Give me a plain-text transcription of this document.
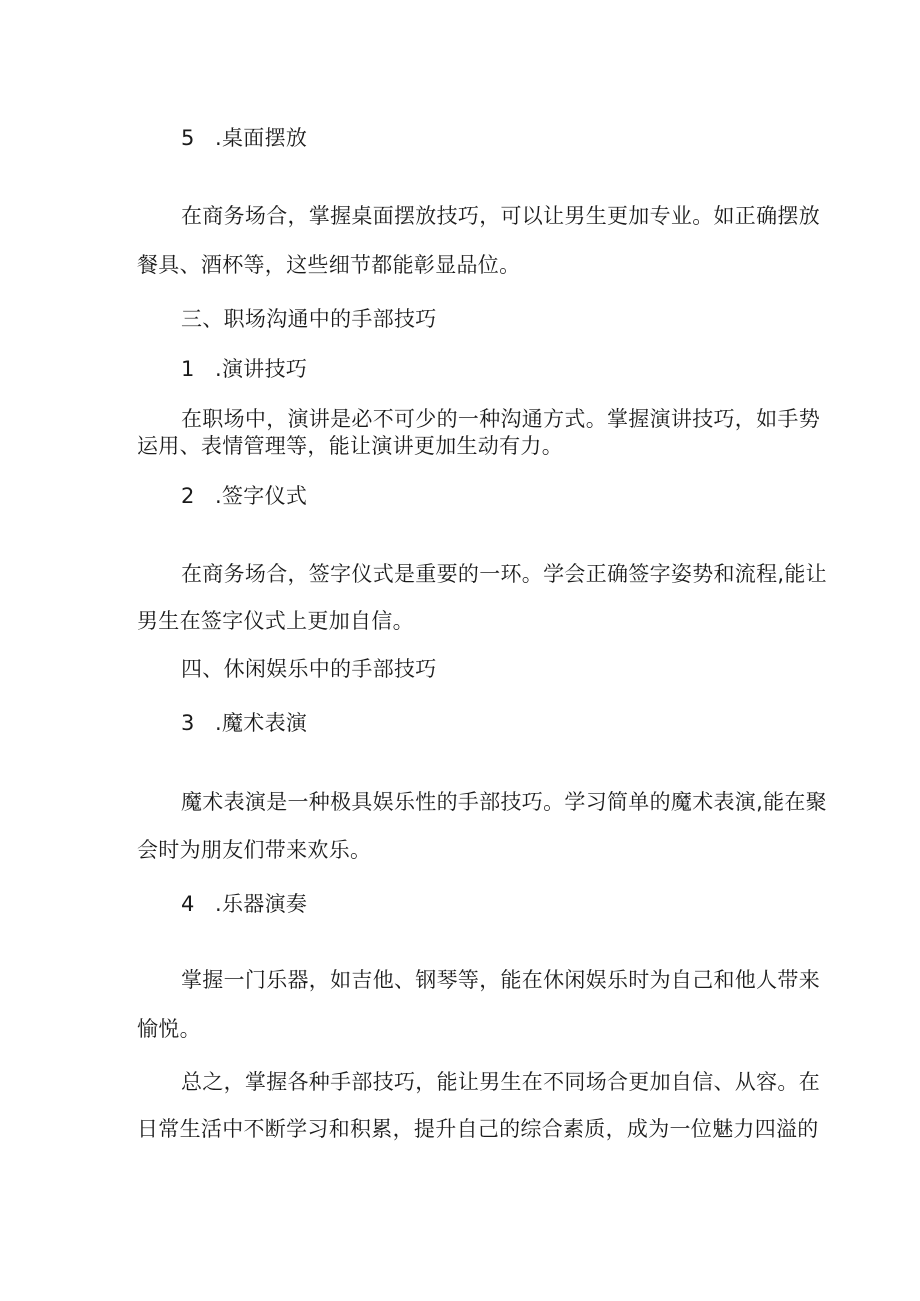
5 .桌面摆放
在商务场合，掌握桌面摆放技巧，可以让男生更加专业。如正确摆放
餐具、酒杯等，这些细节都能彰显品位。
三、职场沟通中的手部技巧
1 .演讲技巧
在职场中，演讲是必不可少的一种沟通方式。掌握演讲技巧，如手势
运用、表情管理等，能让演讲更加生动有力。
2 .签字仪式
在商务场合，签字仪式是重要的一环。学会正确签字姿势和流程,能让
男生在签字仪式上更加自信。
四、休闲娱乐中的手部技巧
3 .魔术表演
魔术表演是一种极具娱乐性的手部技巧。学习简单的魔术表演,能在聚
会时为朋友们带来欢乐。
4 .乐器演奏
掌握一门乐器，如吉他、钢琴等，能在休闲娱乐时为自己和他人带来
愉悦。
总之，掌握各种手部技巧，能让男生在不同场合更加自信、从容。在
日常生活中不断学习和积累，提升自己的综合素质，成为一位魅力四溢的
